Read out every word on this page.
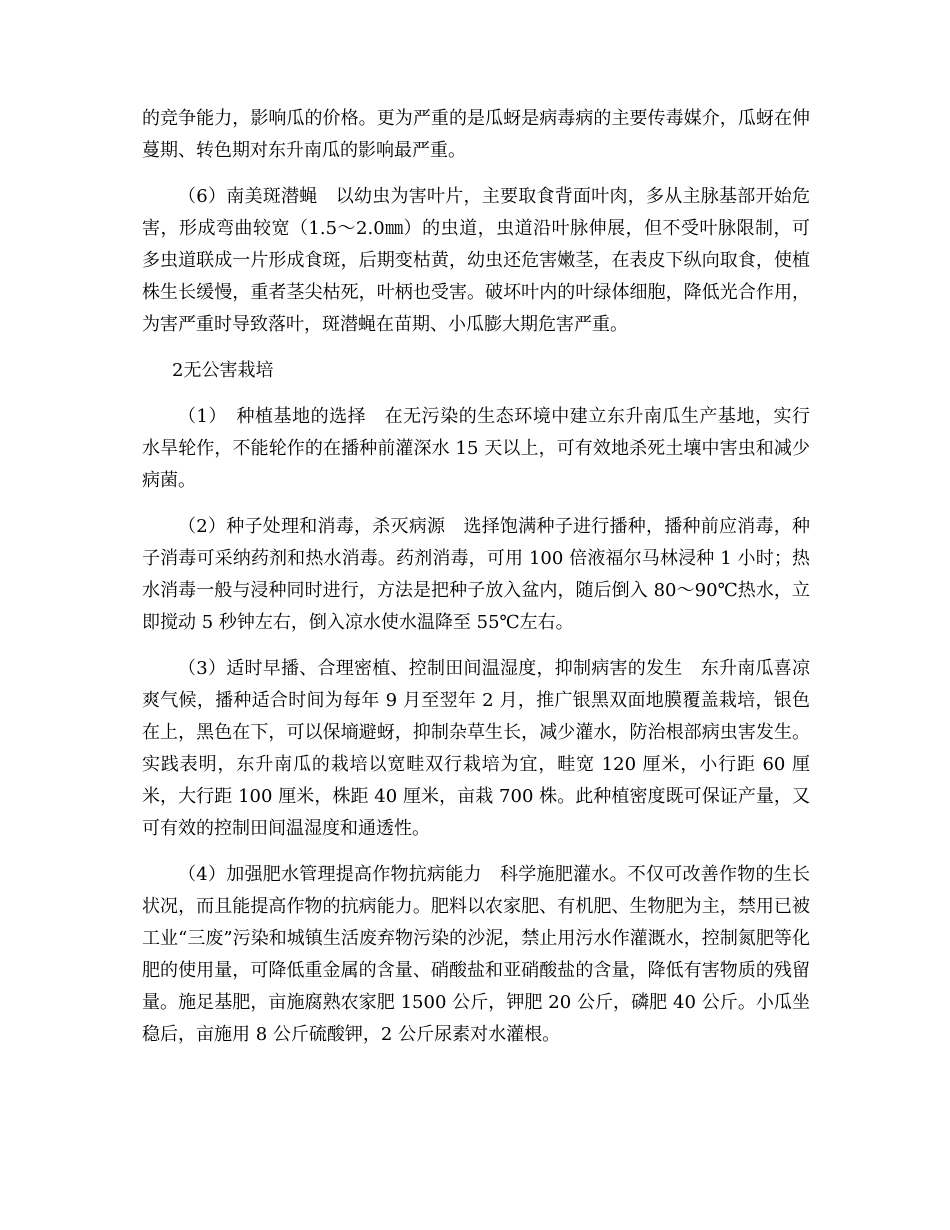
的竞争能力，影响瓜的价格。更为严重的是瓜蚜是病毒病的主要传毒媒介，瓜蚜在伸蔓期、转色期对东升南瓜的影响最严重。

（6）南美斑潜蝇　以幼虫为害叶片，主要取食背面叶肉，多从主脉基部开始危害，形成弯曲较宽（1.5～2.0㎜）的虫道，虫道沿叶脉伸展，但不受叶脉限制，可多虫道联成一片形成食斑，后期变枯黄，幼虫还危害嫩茎，在表皮下纵向取食，使植株生长缓慢，重者茎尖枯死，叶柄也受害。破坏叶内的叶绿体细胞，降低光合作用，为害严重时导致落叶，斑潜蝇在苗期、小瓜膨大期危害严重。

2无公害栽培

（1）　种植基地的选择　在无污染的生态环境中建立东升南瓜生产基地，实行水旱轮作，不能轮作的在播种前灌深水 15 天以上，可有效地杀死土壤中害虫和减少病菌。

（2）种子处理和消毒，杀灭病源　选择饱满种子进行播种，播种前应消毒，种子消毒可采纳药剂和热水消毒。药剂消毒，可用 100 倍液福尔马林浸种 1 小时；热水消毒一般与浸种同时进行，方法是把种子放入盆内，随后倒入 80～90℃热水，立即搅动 5 秒钟左右，倒入凉水使水温降至 55℃左右。

（3）适时早播、合理密植、控制田间温湿度，抑制病害的发生　东升南瓜喜凉爽气候，播种适合时间为每年 9 月至翌年 2 月，推广银黑双面地膜覆盖栽培，银色在上，黑色在下，可以保墒避蚜，抑制杂草生长，减少灌水，防治根部病虫害发生。实践表明，东升南瓜的栽培以宽畦双行栽培为宜，畦宽 120 厘米，小行距 60 厘米，大行距 100 厘米，株距 40 厘米，亩栽 700 株。此种植密度既可保证产量，又可有效的控制田间温湿度和通透性。

（4）加强肥水管理提高作物抗病能力　科学施肥灌水。不仅可改善作物的生长状况，而且能提高作物的抗病能力。肥料以农家肥、有机肥、生物肥为主，禁用已被工业“三废”污染和城镇生活废弃物污染的沙泥，禁止用污水作灌溉水，控制氮肥等化肥的使用量，可降低重金属的含量、硝酸盐和亚硝酸盐的含量，降低有害物质的残留量。施足基肥，亩施腐熟农家肥 1500 公斤，钾肥 20 公斤，磷肥 40 公斤。小瓜坐稳后，亩施用 8 公斤硫酸钾，2 公斤尿素对水灌根。
